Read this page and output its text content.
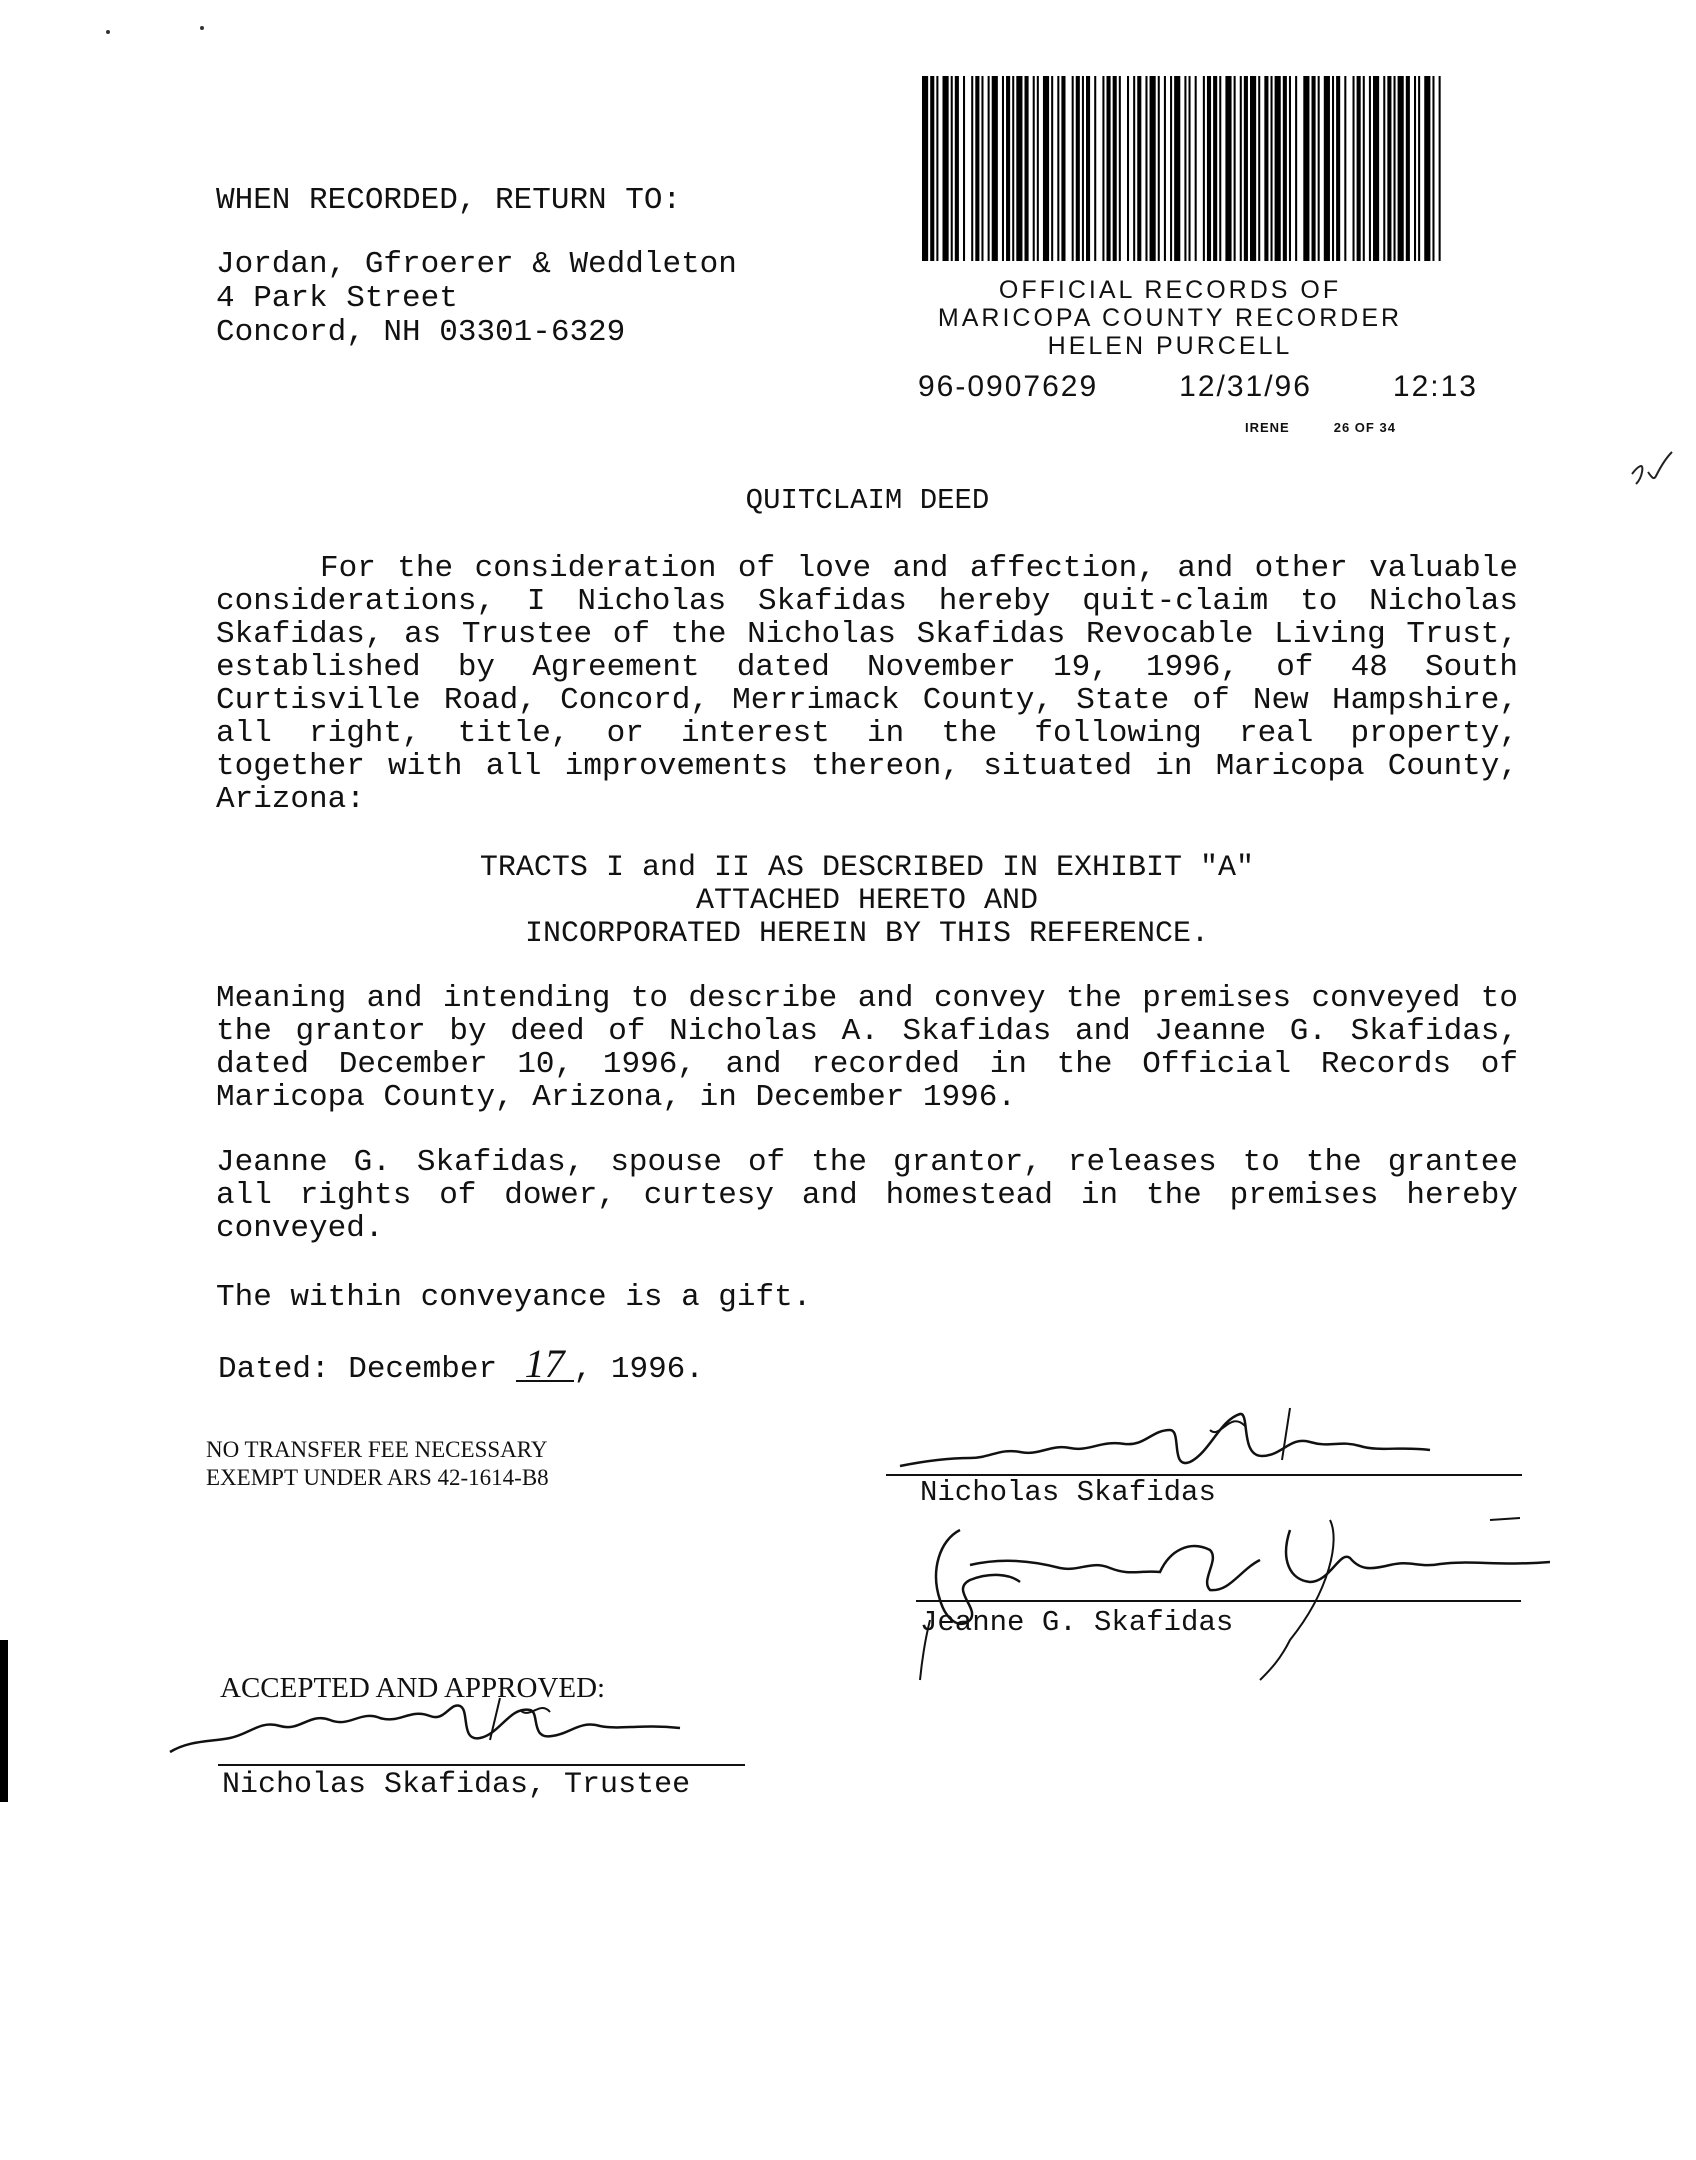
WHEN RECORDED, RETURN TO:
Jordan, Gfroerer & Weddleton
4 Park Street
Concord, NH 03301-6329
OFFICIAL RECORDS OF
MARICOPA COUNTY RECORDER
HELEN PURCELL
96-0907629	12/31/96	12:13
IRENE	26 OF 34
QUITCLAIM DEED
For the consideration of love and affection, and other valuable considerations, I Nicholas Skafidas hereby quit-claim to Nicholas Skafidas, as Trustee of the Nicholas Skafidas Revocable Living Trust, established by Agreement dated November 19, 1996, of 48 South Curtisville Road, Concord, Merrimack County, State of New Hampshire, all right, title, or interest in the following real property, together with all improvements thereon, situated in Maricopa County, Arizona:
TRACTS I and II AS DESCRIBED IN EXHIBIT "A"
ATTACHED HERETO AND
INCORPORATED HEREIN BY THIS REFERENCE.
Meaning and intending to describe and convey the premises conveyed to the grantor by deed of Nicholas A. Skafidas and Jeanne G. Skafidas, dated December 10, 1996, and recorded in the Official Records of Maricopa County, Arizona, in December 1996.
Jeanne G. Skafidas, spouse of the grantor, releases to the grantee all rights of dower, curtesy and homestead in the premises hereby conveyed.
The within conveyance is a gift.
Dated: December 17 , 1996.
NO TRANSFER FEE NECESSARY
EXEMPT UNDER ARS 42-1614-B8	Nicholas Skafidas
Jeanne G. Skafidas
ACCEPTED AND APPROVED:
Nicholas Skafidas, Trustee
